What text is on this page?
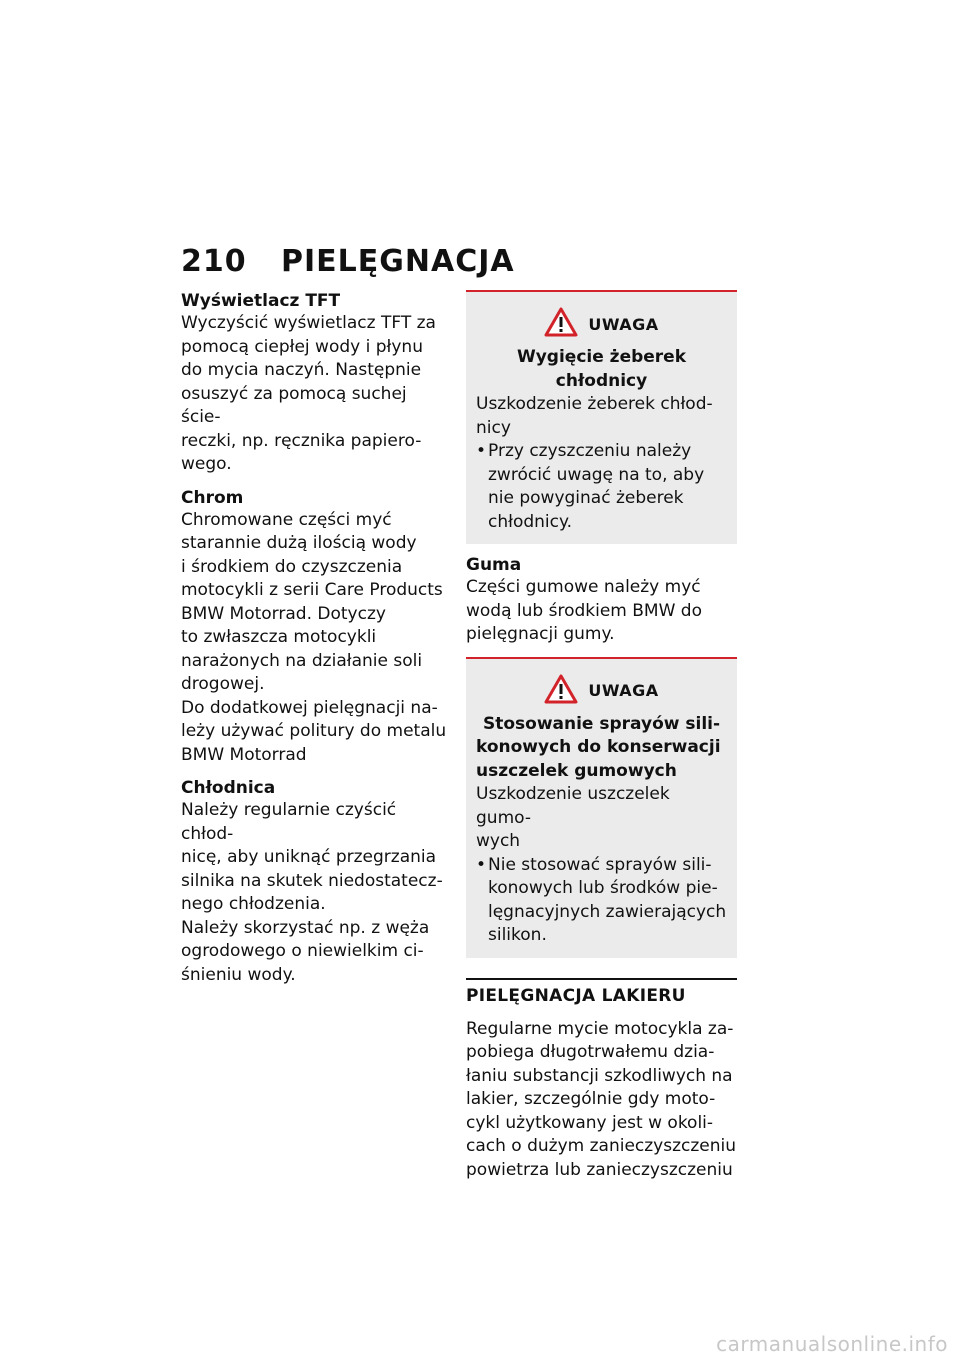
210 PIELĘGNACJA

Wyświetlacz TFT

Wyczyścić wyświetlacz TFT za

pomocą ciepłej wody i płynu

do mycia naczyń. Następnie

osuszyć za pomocą suchej ście-

reczki, np. ręcznika papiero-

wego.

Chrom

Chromowane części myć

starannie dużą ilością wody

i środkiem do czyszczenia

motocykli z serii Care Products

BMW Motorrad. Dotyczy

to zwłaszcza motocykli

narażonych na działanie soli

drogowej.

Do dodatkowej pielęgnacji na-

leży używać politury do metalu

BMW Motorrad

Chłodnica

Należy regularnie czyścić chłod-

nicę, aby uniknąć przegrzania

silnika na skutek niedostatecz-

nego chłodzenia.

Należy skorzystać np. z węża

ogrodowego o niewielkim ci-

śnieniu wody.

UWAGA

Wygięcie żeberek chłodnicy

Uszkodzenie żeberek chłod-

nicy

• Przy czyszczeniu należy
zwrócić uwagę na to, aby
nie powyginać żeberek
chłodnicy.

Guma

Części gumowe należy myć

wodą lub środkiem BMW do

pielęgnacji gumy.

UWAGA

Stosowanie sprayów sili-

konowych do konserwacji

uszczelek gumowych

Uszkodzenie uszczelek gumo-

wych

• Nie stosować sprayów sili-
konowych lub środków pie-
lęgnacyjnych zawierających
silikon.

PIELĘGNACJA LAKIERU

Regularne mycie motocykla za-

pobiega długotrwałemu dzia-

łaniu substancji szkodliwych na

lakier, szczególnie gdy moto-

cykl użytkowany jest w okoli-

cach o dużym zanieczyszczeniu

powietrza lub zanieczyszczeniu

carmanualsonline.info
